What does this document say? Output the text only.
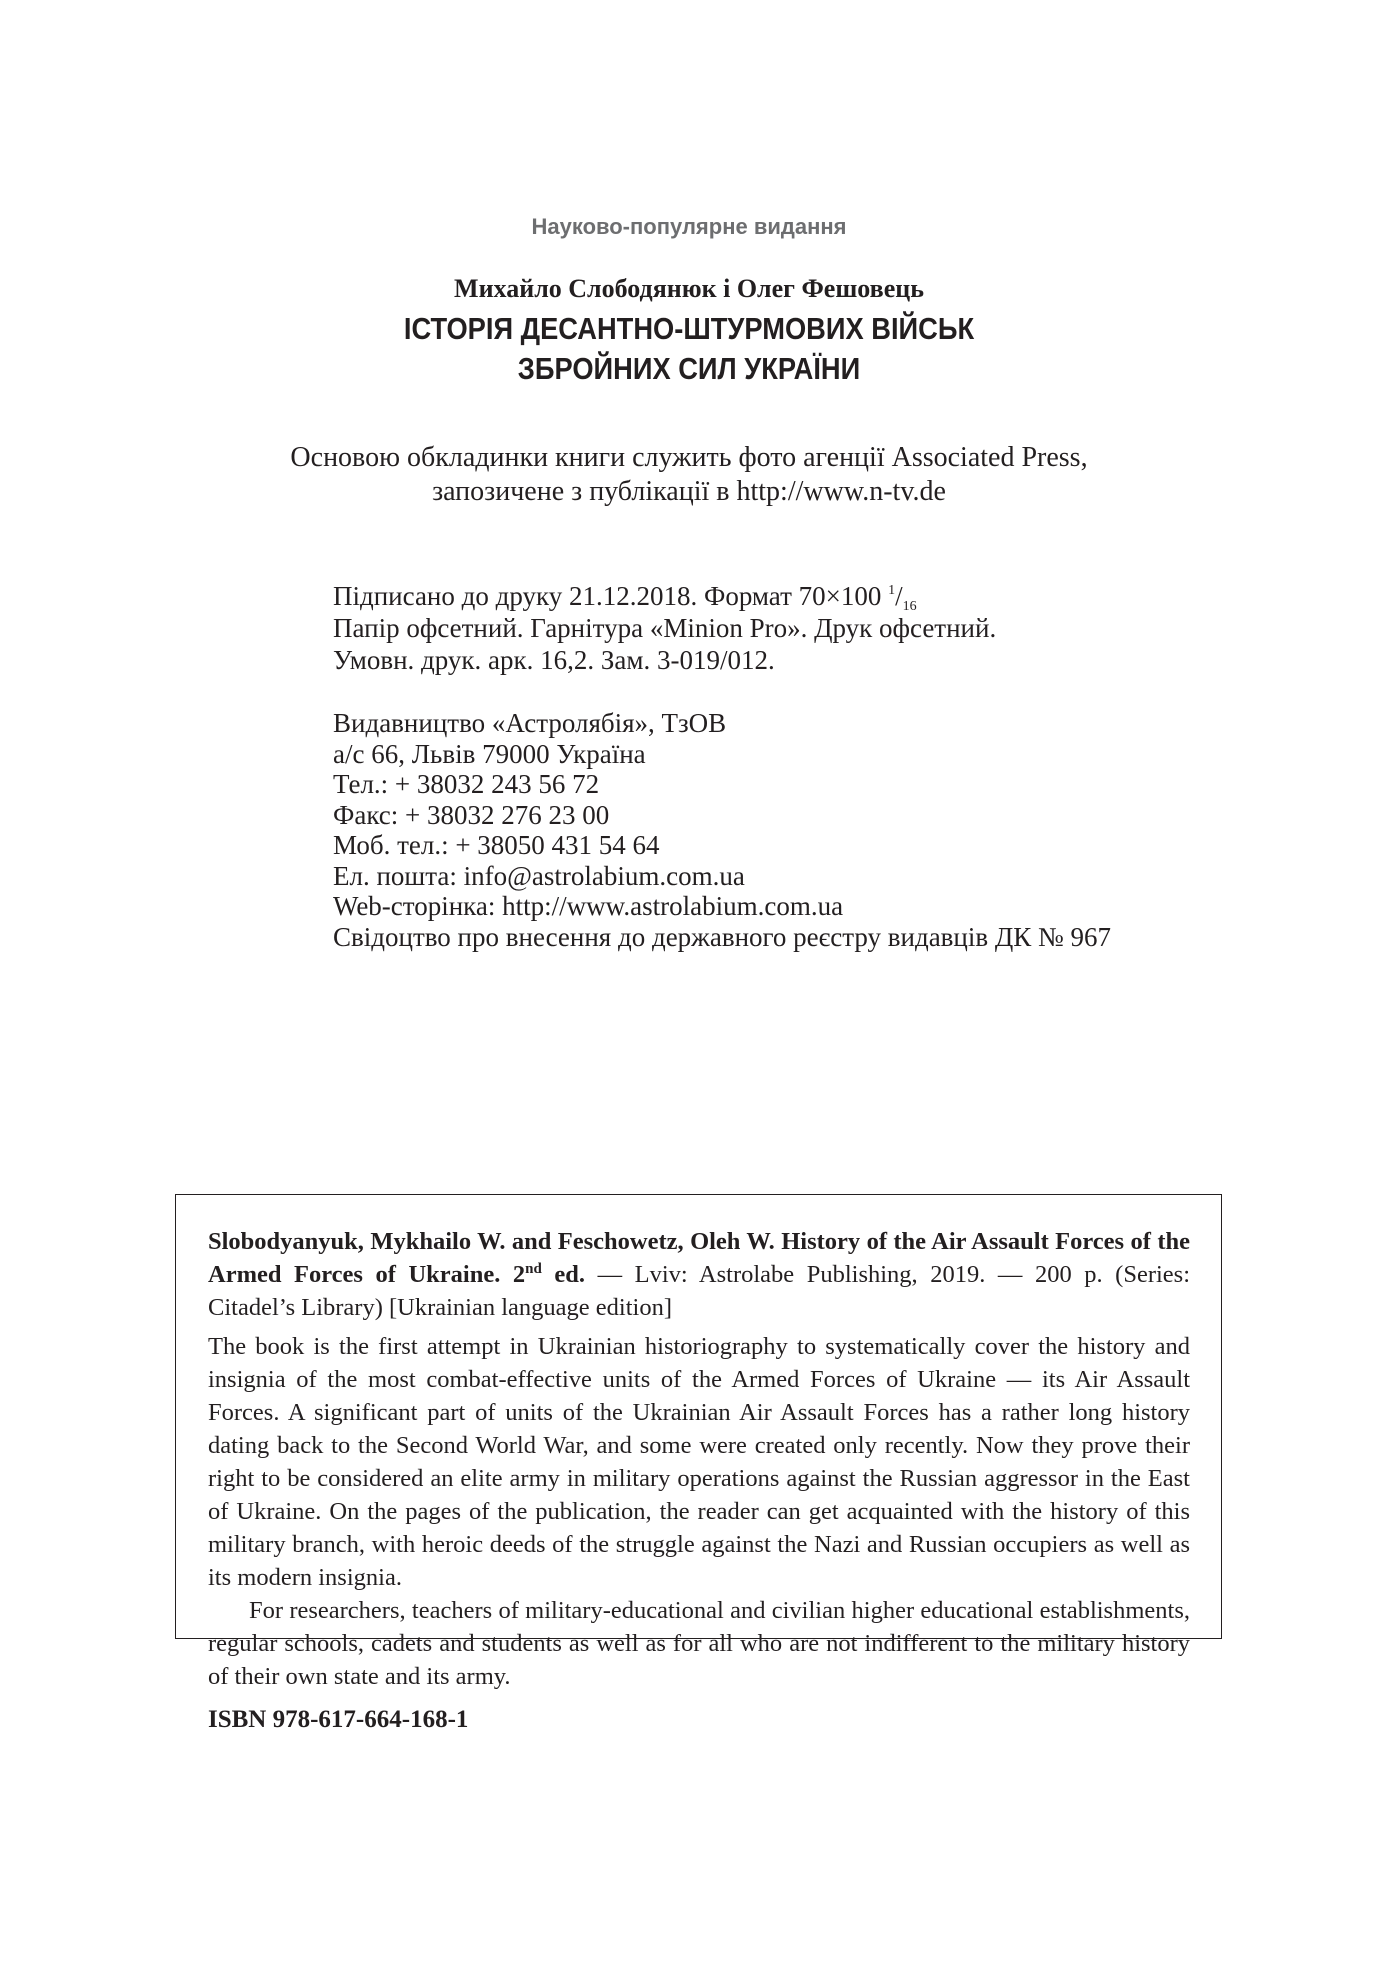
Науково-популярне видання
Михайло Слободянюк і Олег Фешовець
ІСТОРІЯ ДЕСАНТНО-ШТУРМОВИХ ВІЙСЬК
ЗБРОЙНИХ СИЛ УКРАЇНИ
Основою обкладинки книги служить фото агенції Associated Press,
запозичене з публікації в http://www.n-tv.de
Підписано до друку 21.12.2018. Формат 70×100 $^1/_{16}$
Папір офсетний. Гарнітура «Minion Pro». Друк офсетний.
Умовн. друк. арк. 16,2. Зам. 3-019/012.
Видавництво «Астролябія», ТзОВ
а/с 66, Львів 79000 Україна
Тел.: + 38032 243 56 72
Факс: + 38032 276 23 00
Моб. тел.: + 38050 431 54 64
Ел. пошта: info@astrolabium.com.ua
Web-сторінка: http://www.astrolabium.com.ua
Свідоцтво про внесення до державного реєстру видавців ДК № 967
Slobodyanyuk, Mykhailo W. and Feschowetz, Oleh W. History of the Air Assault Forces of the Armed Forces of Ukraine. 2nd ed. — Lviv: Astrolabe Publishing, 2019. — 200 p. (Series: Citadel’s Library) [Ukrainian language edition]
The book is the first attempt in Ukrainian historiography to systematically cover the history and insignia of the most combat-effective units of the Armed Forces of Ukraine — its Air Assault Forces. A significant part of units of the Ukrainian Air Assault Forces has a rather long history dating back to the Second World War, and some were created only recently. Now they prove their right to be considered an elite army in military operations against the Russian aggressor in the East of Ukraine. On the pages of the publication, the reader can get acquainted with the history of this military branch, with heroic deeds of the struggle against the Nazi and Russian occupiers as well as its modern insignia.
For researchers, teachers of military-educational and civilian higher educational establishments, regular schools, cadets and students as well as for all who are not indifferent to the military history of their own state and its army.
ISBN 978-617-664-168-1
